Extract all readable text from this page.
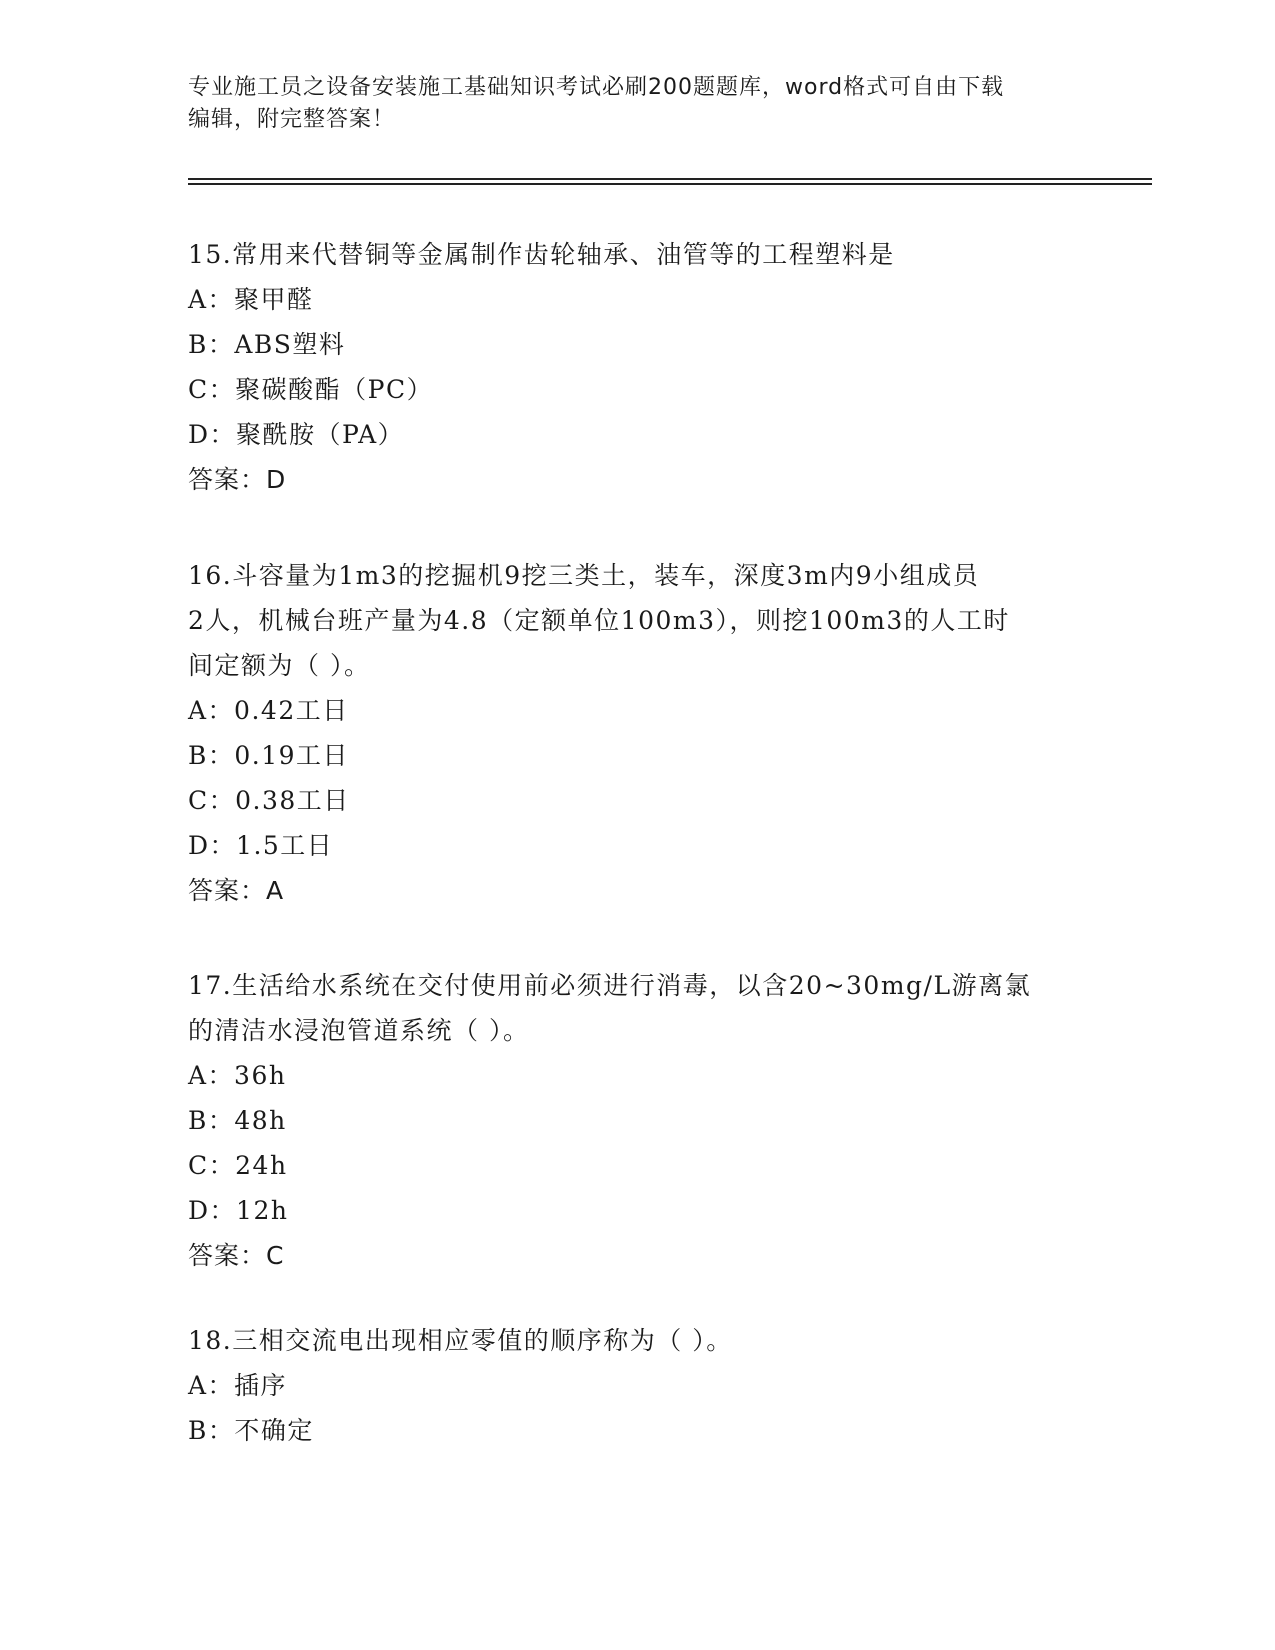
专业施工员之设备安装施工基础知识考试必刷200题题库，word格式可自由下载
编辑，附完整答案！

15.常用来代替铜等金属制作齿轮轴承、油管等的工程塑料是

A：聚甲醛

B：ABS塑料

C：聚碳酸酯（PC）

D：聚酰胺（PA）

答案：D

16.斗容量为1m3的挖掘机9挖三类土，装车，深度3m内9小组成员

2人，机械台班产量为4.8（定额单位100m3），则挖100m3的人工时

间定额为（ ）。

A：0.42工日

B：0.19工日

C：0.38工日

D：1.5工日

答案：A

17.生活给水系统在交付使用前必须进行消毒，以含20~30mg/L游离氯

的清洁水浸泡管道系统（ ）。

A：36h

B：48h

C：24h

D：12h

答案：C

18.三相交流电出现相应零值的顺序称为（ ）。

A：插序

B：不确定
